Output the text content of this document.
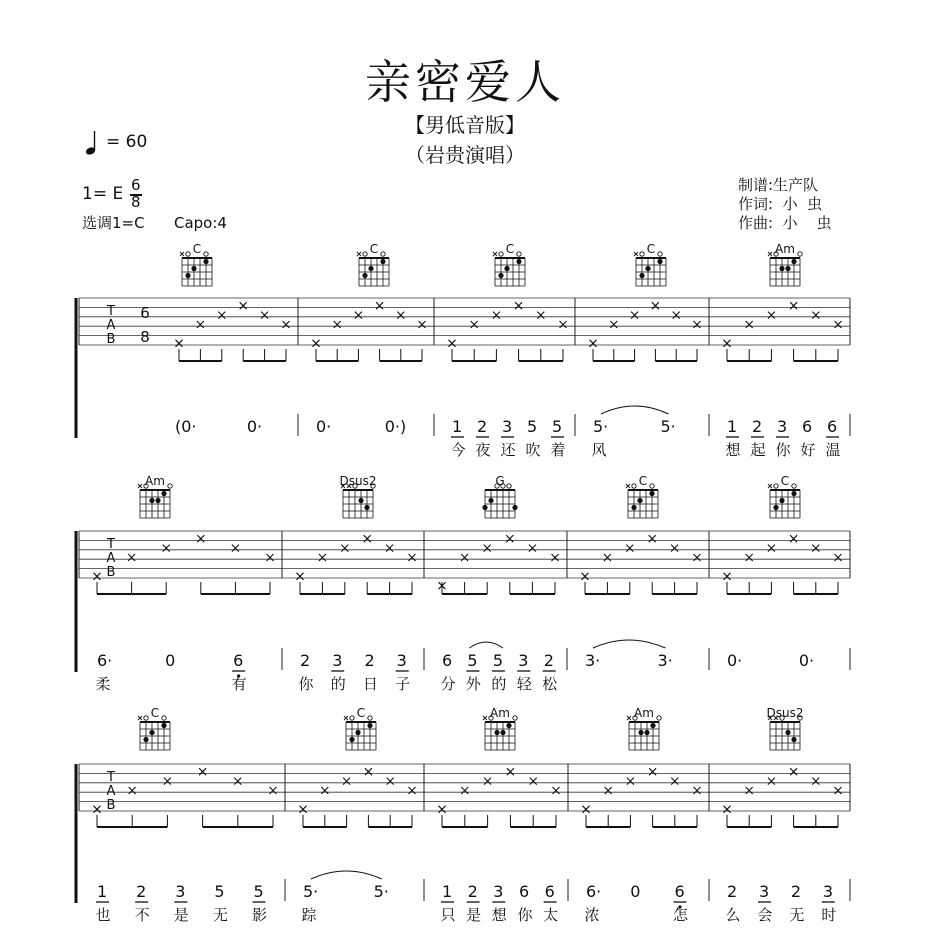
亲密爱人
【男低音版】
（岩贵演唱）
= 60
1= E 6
8
选调1=C Capo:4
制谱:生产队
作词:  小  虫
作曲:  小    虫
T
A
B
6
8
C
(0·	0·
C
0·	0·)
C
1 2 3 5 5
今 夜 还 吹 着
C
5·	5·
风
Am
1 2 3 6 6
想 起 你 好 温
T
A
B
Am
6·	0	6
柔	有
Dsus2
2 3 2 3
你 的 日 子
G
6 5 5 3 2
分 外 的 轻 松
C
3·	3·
C
0·	0·
T
A
B
C
1 2 3 5 5
也 不 是 无 影
C
5·	5·
踪
Am
1 2 3 6 6
只 是 想 你 太
Am
6· 0 6
浓	怎
Dsus2
2 3 2 3
么 会 无 时
